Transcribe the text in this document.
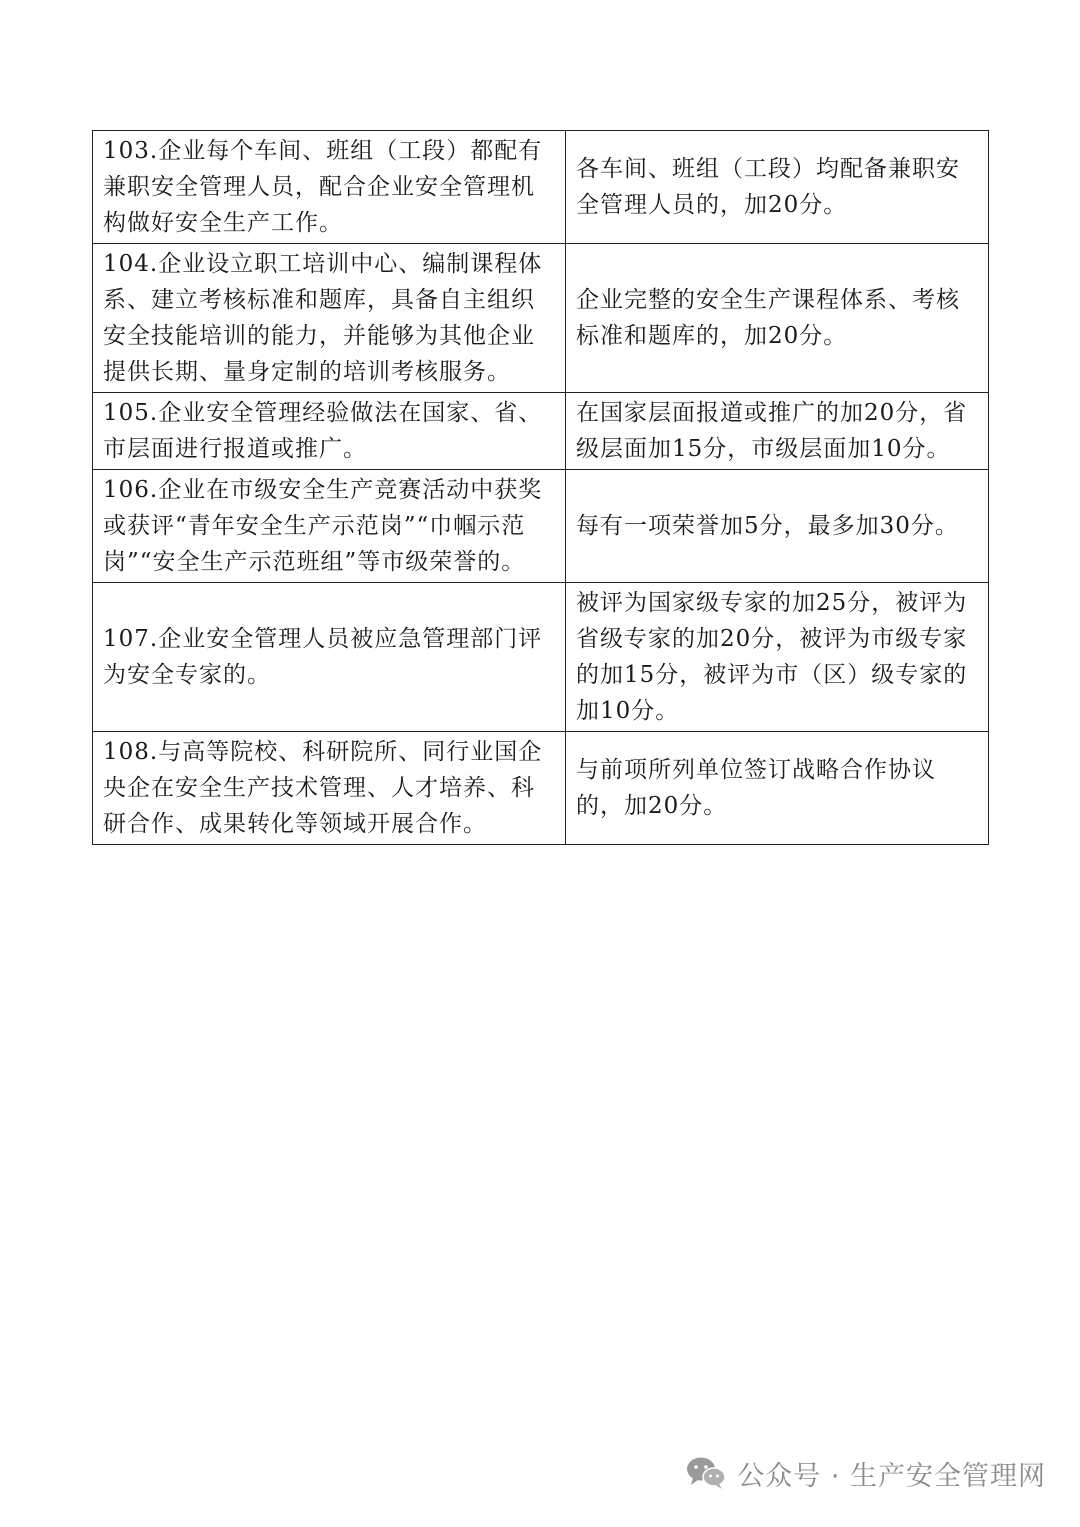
103.企业每个车间、班组（工段）都配有兼职安全管理人员，配合企业安全管理机构做好安全生产工作。	各车间、班组（工段）均配备兼职安全管理人员的，加20分。
104.企业设立职工培训中心、编制课程体系、建立考核标准和题库，具备自主组织安全技能培训的能力，并能够为其他企业提供长期、量身定制的培训考核服务。	企业完整的安全生产课程体系、考核标准和题库的，加20分。
105.企业安全管理经验做法在国家、省、市层面进行报道或推广。	在国家层面报道或推广的加20分，省级层面加15分，市级层面加10分。
106.企业在市级安全生产竞赛活动中获奖或获评“青年安全生产示范岗”“巾帼示范岗”“安全生产示范班组”等市级荣誉的。	每有一项荣誉加5分，最多加30分。
107.企业安全管理人员被应急管理部门评为安全专家的。	被评为国家级专家的加25分，被评为省级专家的加20分，被评为市级专家的加15分，被评为市（区）级专家的加10分。
108.与高等院校、科研院所、同行业国企央企在安全生产技术管理、人才培养、科研合作、成果转化等领域开展合作。	与前项所列单位签订战略合作协议的，加20分。
公众号 · 生产安全管理网
